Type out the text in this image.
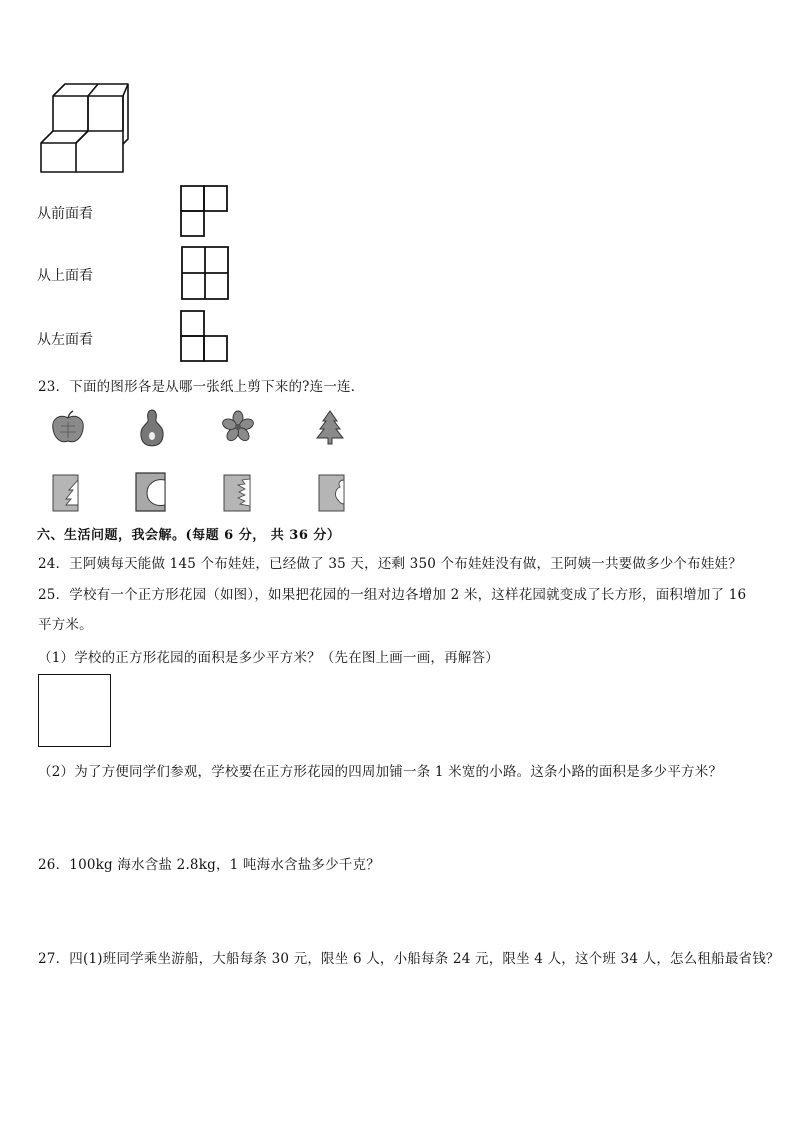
从前面看
从上面看
从左面看
23．下面的图形各是从哪一张纸上剪下来的?连一连．
六、生活问题，我会解。(每题 6 分， 共 36 分）
24．王阿姨每天能做 145 个布娃娃，已经做了 35 天，还剩 350 个布娃娃没有做，王阿姨一共要做多少个布娃娃？
25．学校有一个正方形花园（如图），如果把花园的一组对边各增加 2 米，这样花园就变成了长方形，面积增加了 16
平方米。
（1）学校的正方形花园的面积是多少平方米？（先在图上画一画，再解答）
（2）为了方便同学们参观，学校要在正方形花园的四周加铺一条 1 米宽的小路。这条小路的面积是多少平方米？
26．100kg 海水含盐 2.8kg，1 吨海水含盐多少千克？
27．四(1)班同学乘坐游船，大船每条 30 元，限坐 6 人，小船每条 24 元，限坐 4 人，这个班 34 人，怎么租船最省钱？
